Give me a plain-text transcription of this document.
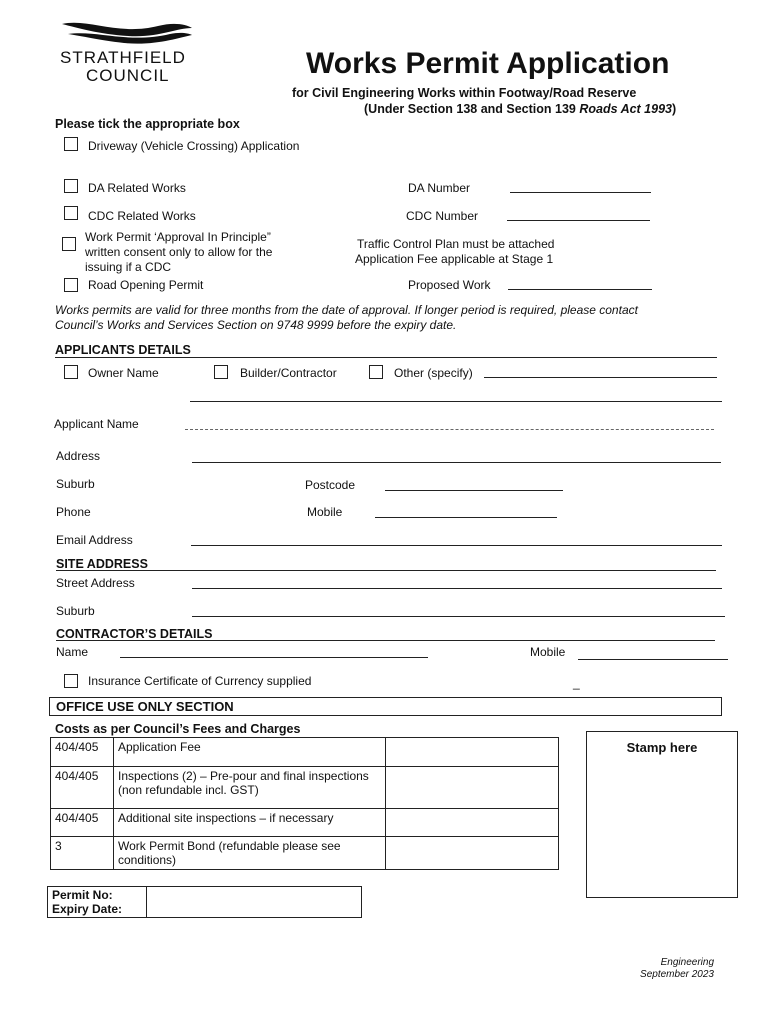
STRATHFIELD
COUNCIL	Works Permit Application
for Civil Engineering Works within Footway/Road Reserve
(Under Section 138 and Section 139 Roads Act 1993)
Please tick the appropriate box
Driveway (Vehicle Crossing) Application
DA Related Works	DA Number
CDC Related Works	CDC Number
Work Permit ‘Approval In Principle”
written consent only to allow for the
issuing if a CDC
Traffic Control Plan must be attached
Application Fee applicable at Stage 1
Road Opening Permit	Proposed Work
Works permits are valid for three months from the date of approval. If longer period is required, please contact
Council’s Works and Services Section on 9748 9999 before the expiry date.
APPLICANTS DETAILS
Owner Name	Builder/Contractor	Other (specify)
Applicant Name
Address
Suburb	Postcode
Phone	Mobile
Email Address
SITE ADDRESS
Street Address
Suburb
CONTRACTOR’S DETAILS
Name	Mobile
Insurance Certificate of Currency supplied	_
OFFICE USE ONLY SECTION
Costs as per Council’s Fees and Charges
404/405	Application Fee	
404/405	Inspections (2) – Pre-pour and final inspections (non refundable incl. GST)	
404/405	Additional site inspections – if necessary	
3	Work Permit Bond (refundable please see conditions)	
Stamp here
Permit No:
Expiry Date:

Engineering
September 2023
